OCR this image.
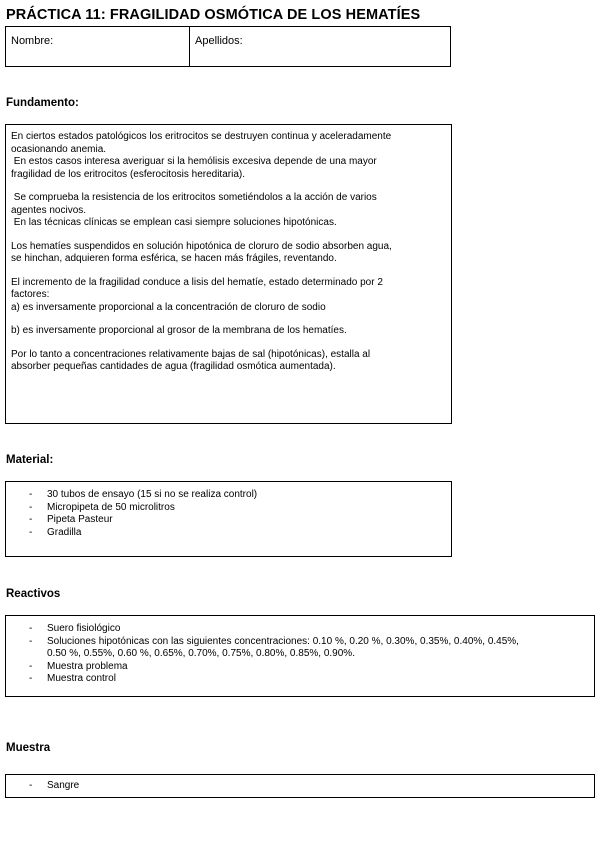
PRÁCTICA 11: FRAGILIDAD OSMÓTICA DE LOS HEMATÍES
Nombre:	Apellidos:
Fundamento:

En ciertos estados patológicos los eritrocitos se destruyen continua y aceleradamente
ocasionando anemia.
En estos casos interesa averiguar si la hemólisis excesiva depende de una mayor
fragilidad de los eritrocitos (esferocitosis hereditaria).

Se comprueba la resistencia de los eritrocitos sometiéndolos a la acción de varios
agentes nocivos.
En las técnicas clínicas se emplean casi siempre soluciones hipotónicas.

Los hematíes suspendidos en solución hipotónica de cloruro de sodio absorben agua,
se hinchan, adquieren forma esférica, se hacen más frágiles, reventando.

El incremento de la fragilidad conduce a lisis del hematíe, estado determinado por 2
factores:
a) es inversamente proporcional a la concentración de cloruro de sodio

b) es inversamente proporcional al grosor de la membrana de los hematíes.

Por lo tanto a concentraciones relativamente bajas de sal (hipotónicas), estalla al
absorber pequeñas cantidades de agua (fragilidad osmótica aumentada).

Material:
- 30 tubos de ensayo (15 si no se realiza control)
- Micropipeta de 50 microlitros
- Pipeta Pasteur
- Gradilla
Reactivos
- Suero fisiológico
- Soluciones hipotónicas con las siguientes concentraciones: 0.10 %, 0.20 %, 0.30%, 0.35%, 0.40%, 0.45%,
0.50 %, 0.55%, 0.60 %, 0.65%, 0.70%, 0.75%, 0.80%, 0.85%, 0.90%.
- Muestra problema
- Muestra control
Muestra
- Sangre
